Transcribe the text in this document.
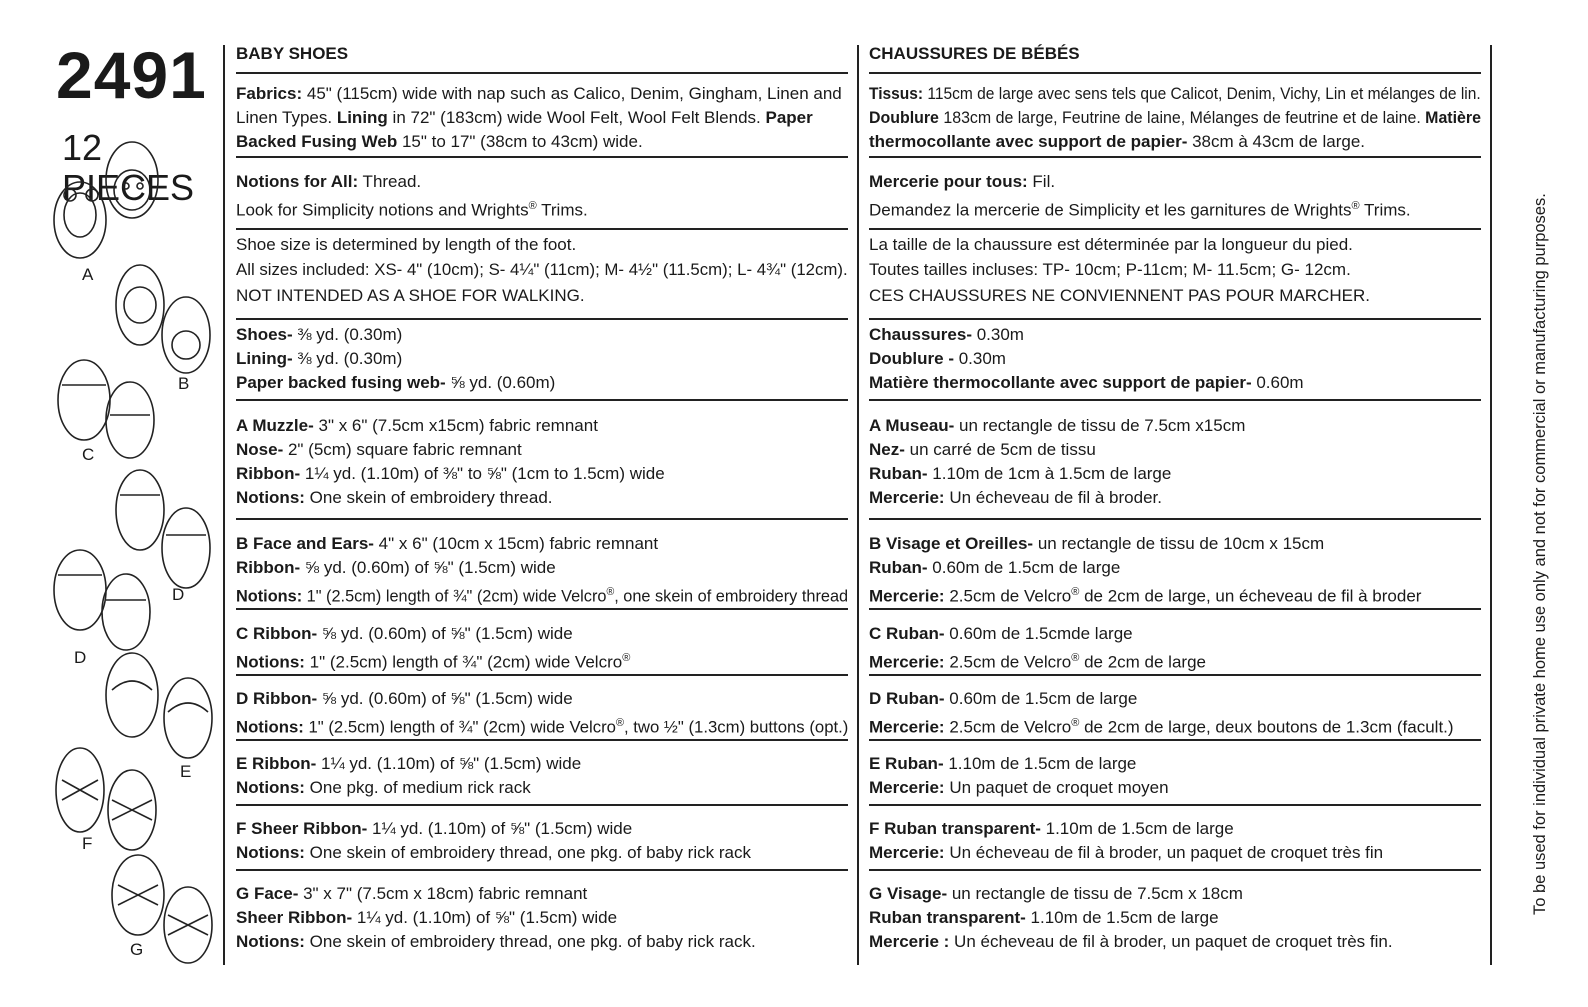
2491
12 PIECES
A
B
C
D
D
E
F
G
BABY SHOES
Fabrics: 45" (115cm) wide with nap such as Calico, Denim, Gingham, Linen and
Linen Types. Lining in 72" (183cm) wide Wool Felt, Wool Felt Blends. Paper
Backed Fusing Web 15" to 17" (38cm to 43cm) wide.
Notions for All: Thread.
Look for Simplicity notions and Wrights® Trims.
Shoe size is determined by length of the foot.
All sizes included: XS- 4" (10cm); S- 4¼" (11cm); M- 4½" (11.5cm); L- 4¾" (12cm).
NOT INTENDED AS A SHOE FOR WALKING.
Shoes- ⅜ yd. (0.30m)
Lining- ⅜ yd. (0.30m)
Paper backed fusing web- ⅝ yd. (0.60m)
A Muzzle- 3" x 6" (7.5cm x15cm) fabric remnant
Nose- 2" (5cm) square fabric remnant
Ribbon- 1¼ yd. (1.10m) of ⅜" to ⅝" (1cm to 1.5cm) wide
Notions: One skein of embroidery thread.
B Face and Ears- 4" x 6" (10cm x 15cm) fabric remnant
Ribbon- ⅝ yd. (0.60m) of ⅝" (1.5cm) wide
Notions: 1" (2.5cm) length of ¾" (2cm) wide Velcro®, one skein of embroidery thread
C Ribbon- ⅝ yd. (0.60m) of ⅝" (1.5cm) wide
Notions: 1" (2.5cm) length of ¾" (2cm) wide Velcro®
D Ribbon- ⅝ yd. (0.60m) of ⅝" (1.5cm) wide
Notions: 1" (2.5cm) length of ¾" (2cm) wide Velcro®, two ½" (1.3cm) buttons (opt.)
E Ribbon- 1¼ yd. (1.10m) of ⅝" (1.5cm) wide
Notions: One pkg. of medium rick rack
F Sheer Ribbon- 1¼ yd. (1.10m) of ⅝" (1.5cm) wide
Notions: One skein of embroidery thread, one pkg. of baby rick rack
G Face- 3" x 7" (7.5cm x 18cm) fabric remnant
Sheer Ribbon- 1¼ yd. (1.10m) of ⅝" (1.5cm) wide
Notions: One skein of embroidery thread, one pkg. of baby rick rack.
CHAUSSURES DE BÉBÉS
Tissus: 115cm de large avec sens tels que Calicot, Denim, Vichy, Lin et mélanges de lin.
Doublure 183cm de large, Feutrine de laine, Mélanges de feutrine et de laine. Matière
thermocollante avec support de papier- 38cm à 43cm de large.
Mercerie pour tous: Fil.
Demandez la mercerie de Simplicity et les garnitures de Wrights® Trims.
La taille de la chaussure est déterminée par la longueur du pied.
Toutes tailles incluses: TP- 10cm; P-11cm; M- 11.5cm; G- 12cm.
CES CHAUSSURES NE CONVIENNENT PAS POUR MARCHER.
Chaussures- 0.30m
Doublure - 0.30m
Matière thermocollante avec support de papier- 0.60m
A Museau- un rectangle de tissu de 7.5cm x15cm
Nez- un carré de 5cm de tissu
Ruban- 1.10m de 1cm à 1.5cm de large
Mercerie: Un écheveau de fil à broder.
B Visage et Oreilles- un rectangle de tissu de 10cm x 15cm
Ruban- 0.60m de 1.5cm de large
Mercerie: 2.5cm de Velcro® de 2cm de large, un écheveau de fil à broder
C Ruban- 0.60m de 1.5cmde large
Mercerie: 2.5cm de Velcro® de 2cm de large
D Ruban- 0.60m de 1.5cm de large
Mercerie: 2.5cm de Velcro® de 2cm de large, deux boutons de 1.3cm (facult.)
E Ruban- 1.10m de 1.5cm de large
Mercerie: Un paquet de croquet moyen
F Ruban transparent- 1.10m de 1.5cm de large
Mercerie: Un écheveau de fil à broder, un paquet de croquet très fin
G Visage- un rectangle de tissu de 7.5cm x 18cm
Ruban transparent- 1.10m de 1.5cm de large
Mercerie : Un écheveau de fil à broder, un paquet de croquet très fin.
To be used for individual private home use only and not for commercial or manufacturing purposes.
